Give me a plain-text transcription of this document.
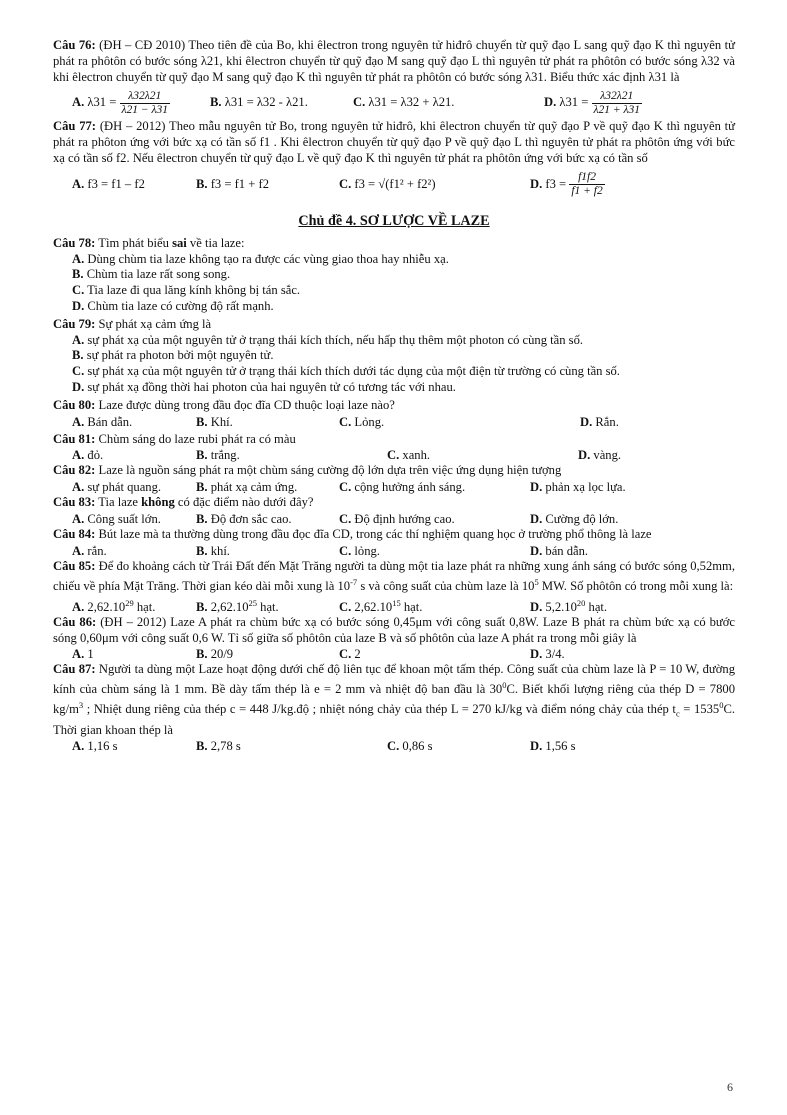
Câu 76: (ĐH – CĐ 2010) Theo tiên đề của Bo, khi êlectron trong nguyên tử hiđrô chuyển từ quỹ đạo L sang quỹ đạo K thì nguyên tử phát ra phôtôn có bước sóng λ21, khi êlectron chuyển từ quỹ đạo M sang quỹ đạo L thì nguyên tử phát ra phôtôn có bước sóng λ32 và khi êlectron chuyển từ quỹ đạo M sang quỹ đạo K thì nguyên tử phát ra phôtôn có bước sóng λ31. Biểu thức xác định λ31 là
A. $\lambda 31 = \frac{\lambda 32\lambda 21}{\lambda 21 - \lambda 31}$	B. λ31 = λ32 - λ21.	C. λ31 = λ32 + λ21.	D. $\lambda 31 = \frac{\lambda 32\lambda 21}{\lambda 21 + \lambda 31}$
Câu 77: (ĐH – 2012) Theo mẫu nguyên tử Bo, trong nguyên tử hiđrô, khi êlectron chuyển từ quỹ đạo P về quỹ đạo K thì nguyên tử phát ra phôton ứng với bức xạ có tần số f1 . Khi êlectron chuyển từ quỹ đạo P về quỹ đạo L thì nguyên tử phát ra phôtôn ứng với bức xạ có tần số f2. Nếu êlectron chuyển từ quỹ đạo L về quỹ đạo K thì nguyên tử phát ra phôtôn ứng với bức xạ có tần số
A. f3 = f1 – f2	B. f3 = f1 + f2	C. f3 = √(f1² + f2²)	D. $f3 = \frac{f1f2}{f1 + f2}$
Chủ đề 4. SƠ LƯỢC VỀ LAZE
Câu 78: Tìm phát biểu sai về tia laze:
A. Dùng chùm tia laze không tạo ra được các vùng giao thoa hay nhiễu xạ.
B. Chùm tia laze rất song song.
C. Tia laze đi qua lăng kính không bị tán sắc.
D. Chùm tia laze có cường độ rất mạnh.
Câu 79: Sự phát xạ cảm ứng là
A. sự phát xạ của một nguyên tử ở trạng thái kích thích, nếu hấp thụ thêm một photon có cùng tần số.
B. sự phát ra photon bởi một nguyên tử.
C. sự phát xạ của một nguyên tử ở trạng thái kích thích dưới tác dụng của một điện từ trường có cùng tần số.
D. sự phát xạ đồng thời hai photon của hai nguyên tử có tương tác với nhau.
Câu 80: Laze được dùng trong đầu đọc đĩa CD thuộc loại laze nào?
A. Bán dẫn.	B. Khí.	C. Lỏng.	D. Rắn.
Câu 81: Chùm sáng do laze rubi phát ra có màu
A. đỏ.	B. trắng.	C. xanh.	D. vàng.
Câu 82: Laze là nguồn sáng phát ra một chùm sáng cường độ lớn dựa trên việc ứng dụng hiện tượng
A. sự phát quang.	B. phát xạ cảm ứng.	C. cộng hưởng ánh sáng.	D. phản xạ lọc lựa.
Câu 83: Tia laze không có đặc điểm nào dưới đây?
A. Công suất lớn.	B. Độ đơn sắc cao.	C. Độ định hướng cao.	D. Cường độ lớn.
Câu 84: Bút laze mà ta thường dùng trong đầu đọc đĩa CD, trong các thí nghiệm quang học ở trường phổ thông là laze
A. rắn.	B. khí.	C. lỏng.	D. bán dẫn.
Câu 85: Để đo khoảng cách từ Trái Đất đến Mặt Trăng người ta dùng một tia laze phát ra những xung ánh sáng có bước sóng 0,52mm, chiếu về phía Mặt Trăng. Thời gian kéo dài mỗi xung là $10^{-7}$ s và công suất của chùm laze là $10^5$ MW. Số phôtôn có trong mỗi xung là:
A. 2,62.10$^{29}$ hạt.	B. 2,62.10$^{25}$ hạt.	C. 2,62.10$^{15}$ hạt.	D. 5,2.10$^{20}$ hạt.
Câu 86: (ĐH – 2012) Laze A phát ra chùm bức xạ có bước sóng 0,45μm với công suất 0,8W. Laze B phát ra chùm bức xạ có bước sóng 0,60μm với công suất 0,6 W. Tỉ số giữa số phôtôn của laze B và số phôtôn của laze A phát ra trong mỗi giây là
A. 1	B. 20/9	C. 2	D. 3/4.
Câu 87: Người ta dùng một Laze hoạt động dưới chế độ liên tục để khoan một tấm thép. Công suất của chùm laze là P = 10 W, đường kính của chùm sáng là 1 mm. Bề dày tấm thép là e = 2 mm và nhiệt độ ban đầu là $30^0C$. Biết khối lượng riêng của thép D = 7800 $kg/m^3$ ; Nhiệt dung riêng của thép c = 448 J/kg.độ ; nhiệt nóng chảy của thép L = 270 kJ/kg và điểm nóng chảy của thép $t_c = 1535^0C$. Thời gian khoan thép là
A. 1,16 s	B. 2,78 s	C. 0,86 s	D. 1,56 s
6
